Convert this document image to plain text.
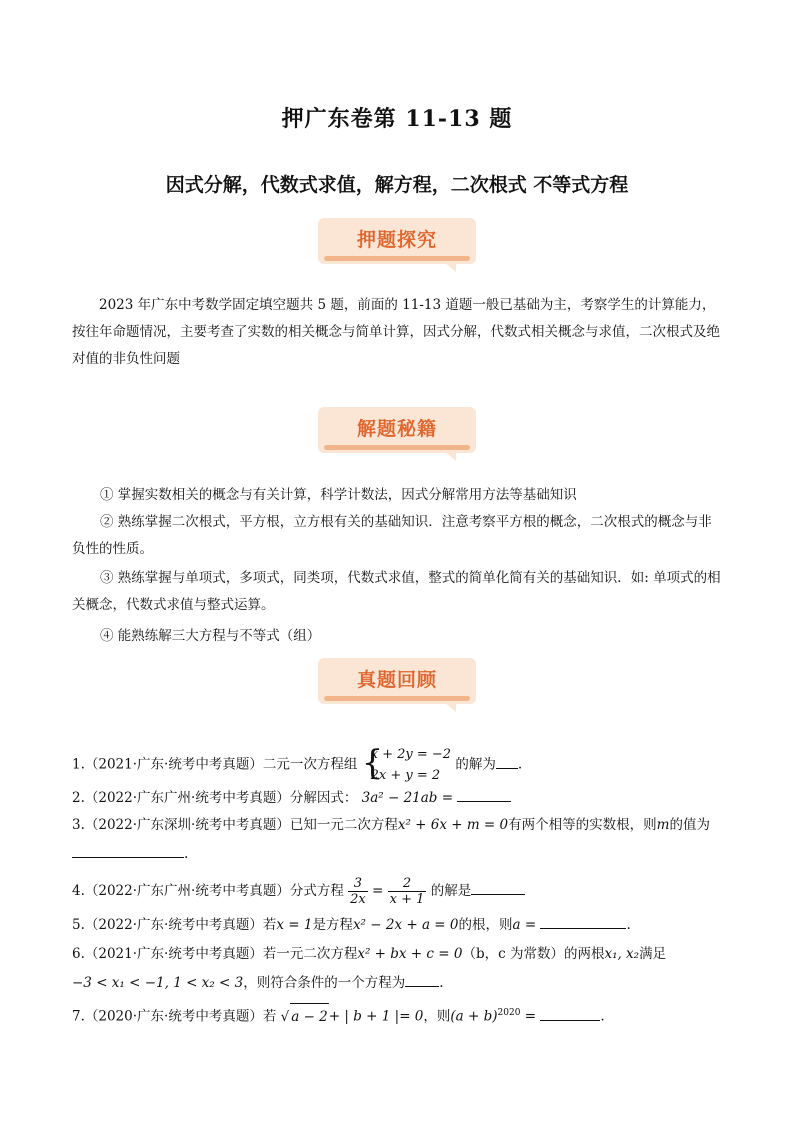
押广东卷第 11-13 题
因式分解，代数式求值，解方程，二次根式 不等式方程
押题探究
2023 年广东中考数学固定填空题共 5 题，前面的 11-13 道题一般已基础为主，考察学生的计算能力，按往年命题情况，主要考查了实数的相关概念与简单计算，因式分解，代数式相关概念与求值，二次根式及绝对值的非负性问题
解题秘籍
① 掌握实数相关的概念与有关计算，科学计数法，因式分解常用方法等基础知识
② 熟练掌握二次根式，平方根，立方根有关的基础知识．注意考察平方根的概念，二次根式的概念与非负性的性质。
③ 熟练掌握与单项式，多项式，同类项，代数式求值，整式的简单化简有关的基础知识．如: 单项式的相关概念，代数式求值与整式运算。
④ 能熟练解三大方程与不等式（组）
真题回顾
1.（2021·广东·统考中考真题）二元一次方程组 {
x + 2y = −2
2x + y = 2
的解为 .
2.（2022·广东广州·统考中考真题）分解因式： 3a² − 21ab =
3.（2022·广东深圳·统考中考真题）已知一元二次方程x² + 6x + m = 0有两个相等的实数根，则m的值为
.
4.（2022·广东广州·统考中考真题）分式方程 $\frac{3}{2x} = \frac{2}{x + 1}$ 的解是
5.（2022·广东·统考中考真题）若x = 1是方程x² − 2x + a = 0的根，则a =	.
6.（2021·广东·统考中考真题）若一元二次方程x² + bx + c = 0（b，c 为常数）的两根x₁, x₂满足
−3 < x₁ < −1, 1 < x₂ < 3，则符合条件的一个方程为	.
7.（2020·广东·统考中考真题）若 √ a − 2+ | b + 1 |= 0，则$(a + b)^{2020}$ =	.
